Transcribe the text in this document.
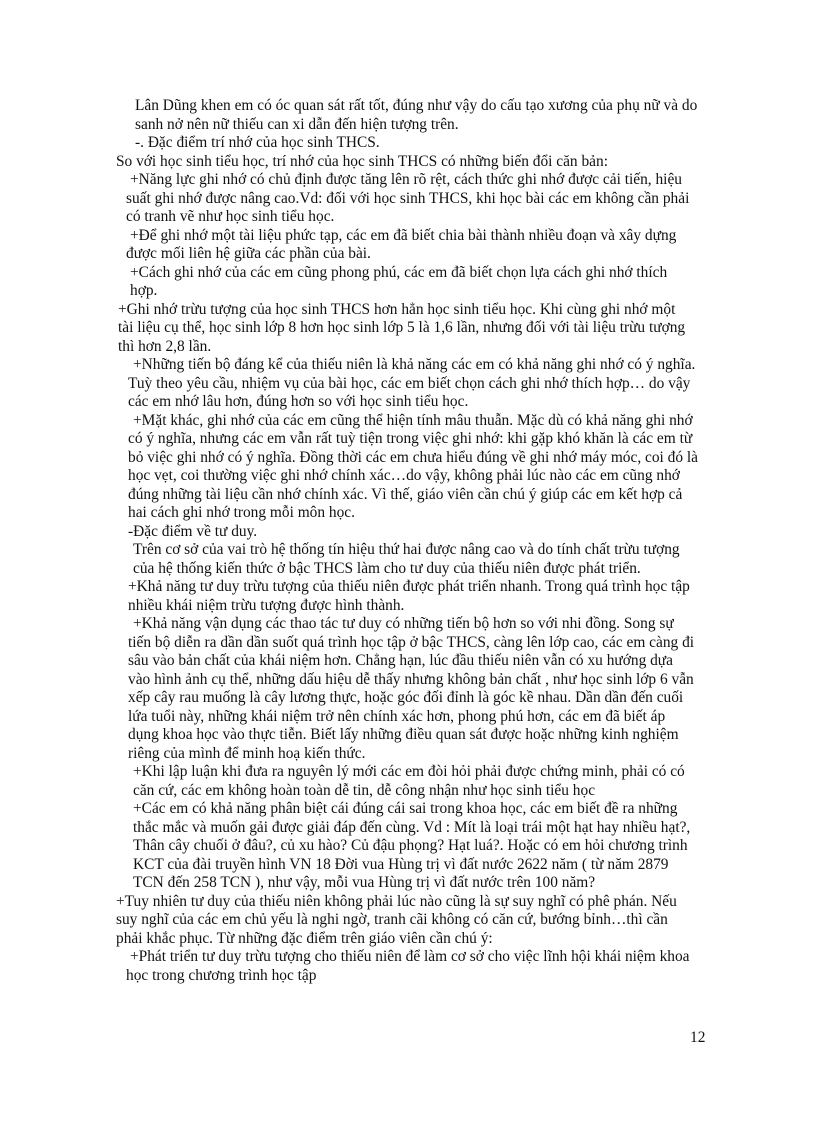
Lân Dũng khen em có óc quan sát rất tốt, đúng như vậy do cấu tạo xương của phụ nữ và do
sanh nở nên nữ thiếu can xi dẫn đến hiện tượng trên.
-. Đặc điểm trí nhớ của học sinh THCS.
So với học sinh tiểu học, trí nhớ của học sinh THCS có những biến đổi căn bản:
+Năng lực ghi nhớ có chủ định được tăng lên rõ rệt, cách thức ghi nhớ được cải tiến, hiệu
suất ghi nhớ được nâng cao.Vd: đối với học sinh THCS, khi học bài các em không cần phải
có tranh vẽ như học sinh tiểu học.
+Để ghi nhớ một tài liệu phức tạp, các em đã biết chia bài thành nhiều đoạn và xây dựng
được mối liên hệ giữa các phần của bài.
+Cách ghi nhớ của các em cũng phong phú, các em đã biết chọn lựa cách ghi nhớ thích
hợp.
+Ghi nhớ trừu tượng của học sinh THCS hơn hẳn học sinh tiểu học. Khi cùng ghi nhớ một
tài liệu cụ thể, học sinh lớp 8 hơn học sinh lớp 5 là 1,6 lần, nhưng đối với tài liệu trừu tượng
thì hơn 2,8 lần.
+Những tiến bộ đáng kể của thiếu niên là khả năng các em có khả năng ghi nhớ có ý nghĩa.
Tuỳ theo yêu cầu, nhiệm vụ của bài học, các em biết chọn cách ghi nhớ thích hợp… do vậy
các em nhớ lâu hơn, đúng hơn so với học sinh tiểu học.
+Mặt khác, ghi nhớ của các em cũng thể hiện tính mâu thuẫn. Mặc dù có khả năng ghi nhớ
có ý nghĩa, nhưng các em vẫn rất tuỳ tiện trong việc ghi nhớ: khi gặp khó khăn là các em từ
bỏ việc ghi nhớ có ý nghĩa. Đồng thời các em chưa hiểu đúng về ghi nhớ máy móc, coi đó là
học vẹt, coi thường việc ghi nhớ chính xác…do vậy, không phải lúc nào các em cũng nhớ
đúng những tài liệu cần nhớ chính xác. Vì thế, giáo viên cần chú ý giúp các em kết hợp cả
hai cách ghi nhớ trong mỗi môn học.
-Đặc điểm về tư duy.
Trên cơ sở của vai trò hệ thống tín hiệu thứ hai được nâng cao và do tính chất trừu tượng
của hệ thống kiến thức ở bậc THCS làm cho tư duy của thiếu niên được phát triển.
+Khả năng tư duy trừu tượng của thiếu niên được phát triển nhanh. Trong quá trình học tập
nhiều khái niệm trừu tượng được hình thành.
+Khả năng vận dụng các thao tác tư duy có những tiến bộ hơn so với nhi đồng. Song sự
tiến bộ diễn ra dần dần suốt quá trình học tập ở bậc THCS, càng lên lớp cao, các em càng đi
sâu vào bản chất của khái niệm hơn. Chẳng hạn, lúc đầu thiếu niên vẫn có xu hướng dựa
vào hình ảnh cụ thể, những dấu hiệu dễ thấy nhưng không bản chất , như học sinh lớp 6 vẫn
xếp cây rau muống là cây lương thực, hoặc góc đối đỉnh là góc kề nhau. Dần dần đến cuối
lứa tuổi này, những khái niệm trở nên chính xác hơn, phong phú hơn, các em đã biết áp
dụng khoa học vào thực tiễn. Biết lấy những điều quan sát được hoặc những kinh nghiệm
riêng của mình để minh hoạ kiến thức.
+Khi lập luận khi đưa ra nguyên lý mới các em đòi hỏi phải được chứng minh, phải có có
căn cứ, các em không hoàn toàn dễ tin, dễ công nhận như học sinh tiểu học
+Các em có khả năng phân biệt cái đúng cái sai trong khoa học, các em biết đề ra những
thắc mắc và muốn gải được giải đáp đến cùng. Vd : Mít là loại trái một hạt hay nhiều hạt?,
Thân cây chuối ở đâu?, củ xu hào? Củ đậu phọng? Hạt luá?. Hoặc có em hỏi chương trình
KCT của đài truyền hình VN 18 Đời vua Hùng trị vì đất nước 2622 năm ( từ năm 2879
TCN đến 258 TCN ), như vậy, mỗi vua Hùng trị vì đất nước trên 100 năm?
+Tuy nhiên tư duy của thiếu niên không phải lúc nào cũng là sự suy nghĩ có phê phán. Nếu
suy nghĩ của các em chủ yếu là nghi ngờ, tranh cãi không có căn cứ, bướng bỉnh…thì cần
phải khắc phục. Từ những đặc điểm trên giáo viên cần chú ý:
+Phát triển tư duy trừu tượng cho thiếu niên để làm cơ sở cho việc lĩnh hội khái niệm khoa
học trong chương trình học tập
12
